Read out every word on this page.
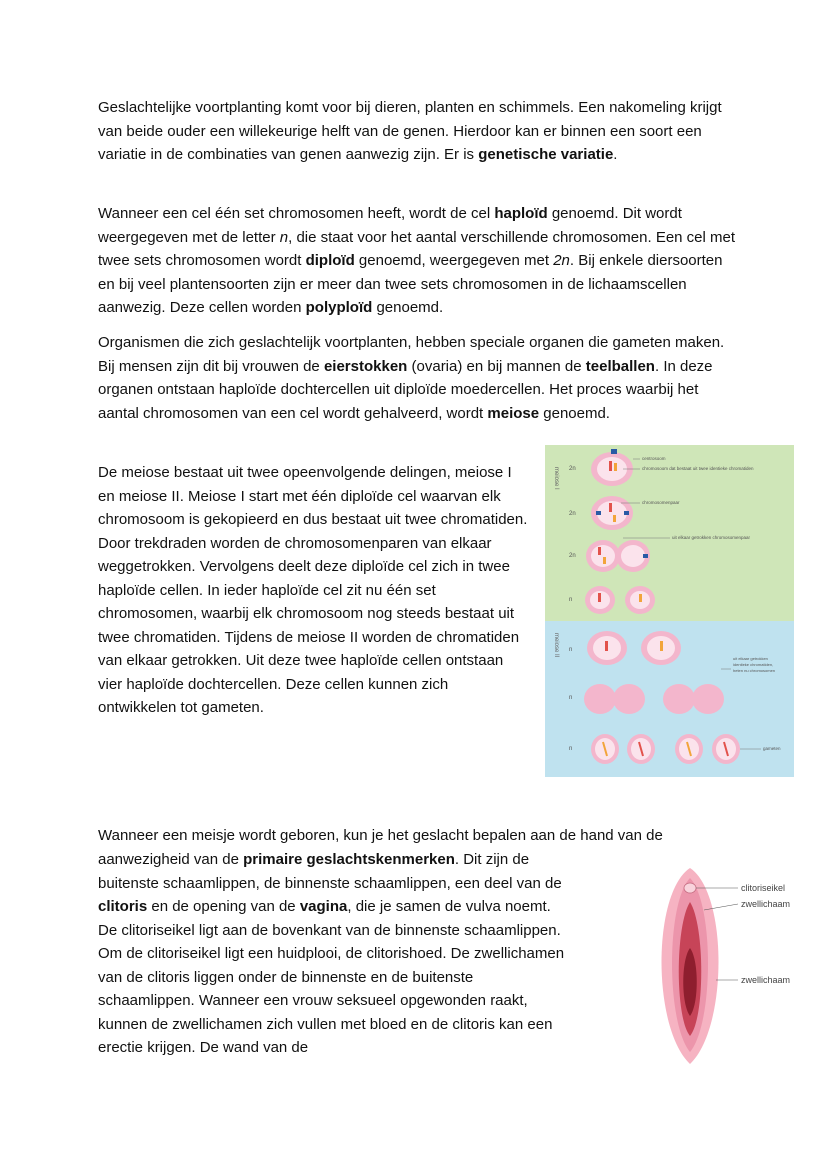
Geslachtelijke voortplanting komt voor bij dieren, planten en schimmels. Een nakomeling krijgt van beide ouder een willekeurige helft van de genen. Hierdoor kan er binnen een soort een variatie in de combinaties van genen aanwezig zijn. Er is genetische variatie.

Wanneer een cel één set chromosomen heeft, wordt de cel haploïd genoemd. Dit wordt weergegeven met de letter n, die staat voor het aantal verschillende chromosomen. Een cel met twee sets chromosomen wordt diploïd genoemd, weergegeven met 2n. Bij enkele diersoorten en bij veel plantensoorten zijn er meer dan twee sets chromosomen in de lichaamscellen aanwezig. Deze cellen worden polyploïd genoemd.

Organismen die zich geslachtelijk voortplanten, hebben speciale organen die gameten maken. Bij mensen zijn dit bij vrouwen de eierstokken (ovaria) en bij mannen de teelballen. In deze organen ontstaan haploïde dochtercellen uit diploïde moedercellen. Het proces waarbij het aantal chromosomen van een cel wordt gehalveerd, wordt meiose genoemd.

De meiose bestaat uit twee opeenvolgende delingen, meiose I en meiose II. Meiose I start met één diploïde cel waarvan elk chromosoom is gekopieerd en dus bestaat uit twee chromatiden. Door trekdraden worden de chromosomenparen van elkaar weggetrokken. Vervolgens deelt deze diploïde cel zich in twee haploïde cellen. In ieder haploïde cel zit nu één set chromosomen, waarbij elk chromosoom nog steeds bestaat uit twee chromatiden. Tijdens de meiose II worden de chromatiden van elkaar getrokken. Uit deze twee haploïde cellen ontstaan vier haploïde dochtercellen. Deze cellen kunnen zich ontwikkelen tot gameten.

meiose I
meiose II
2n
centrosoom
chromosoom dat bestaat uit twee identieke chromatiden
2n
chromosomenpaar
2n
uit elkaar getrokken chromosomenpaar
n
n
n
uit elkaar getrokken
identieke chromatiden,
heten nu chromosomen
n	gameten

Wanneer een meisje wordt geboren, kun je het geslacht bepalen aan de hand van de

aanwezigheid van de primaire geslachtskenmerken. Dit zijn de buitenste schaamlippen, de binnenste schaamlippen, een deel van de clitoris en de opening van de vagina, die je samen de vulva noemt. De clitoriseikel ligt aan de bovenkant van de binnenste schaamlippen. Om de clitoriseikel ligt een huidplooi, de clitorishoed. De zwellichamen van de clitoris liggen onder de binnenste en de buitenste schaamlippen. Wanneer een vrouw seksueel opgewonden raakt, kunnen de zwellichamen zich vullen met bloed en de clitoris kan een erectie krijgen. De wand van de

clitoriseikel
zwellichaam
zwellichaam
